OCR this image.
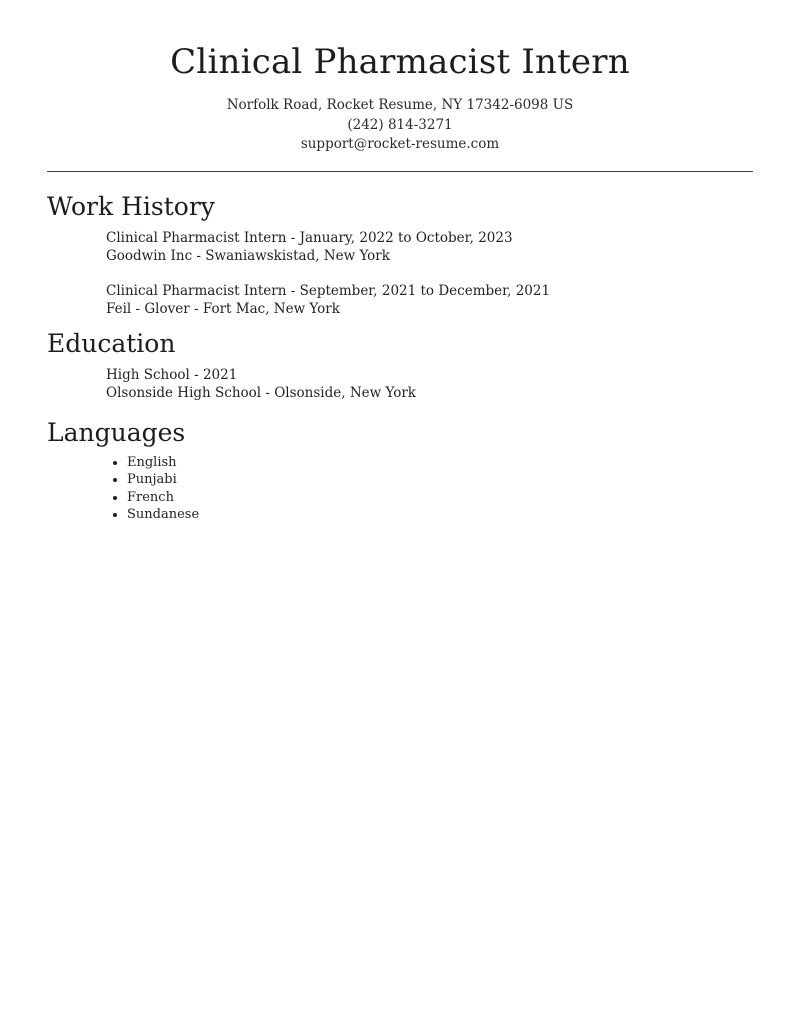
Clinical Pharmacist Intern
Norfolk Road, Rocket Resume, NY 17342-6098 US
(242) 814-3271
support@rocket-resume.com
Work History
Clinical Pharmacist Intern - January, 2022 to October, 2023
Goodwin Inc - Swaniawskistad, New York
Clinical Pharmacist Intern - September, 2021 to December, 2021
Feil - Glover - Fort Mac, New York
Education
High School - 2021
Olsonside High School - Olsonside, New York
Languages
• English
• Punjabi
• French
• Sundanese
